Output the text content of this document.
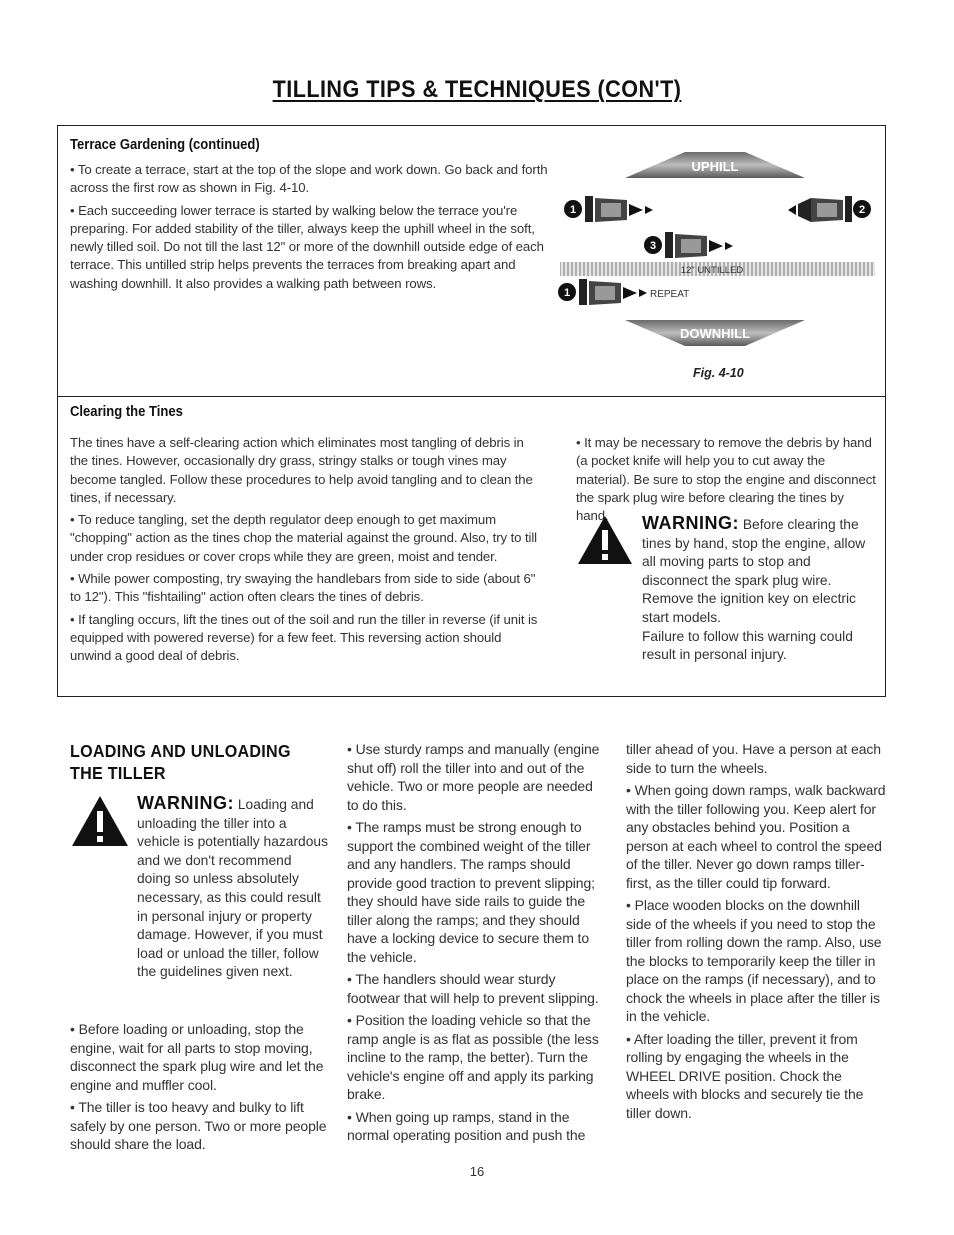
TILLING TIPS & TECHNIQUES (CON'T)
Terrace Gardening (continued)

• To create a terrace, start at the top of the slope and work down. Go back and forth across the first row as shown in Fig. 4-10.

• Each succeeding lower terrace is started by walking below the terrace you're preparing. For added stability of the tiller, always keep the uphill wheel in the soft, newly tilled soil. Do not till the last 12" or more of the downhill outside edge of each terrace. This untilled strip helps prevents the terraces from breaking apart and washing downhill. It also provides a walking path between rows.

UPHILL
1	2
3
12" UNTILLED
1	REPEAT
DOWNHILL
Fig. 4-10
Clearing the Tines

The tines have a self-clearing action which eliminates most tangling of debris in the tines. However, occasionally dry grass, stringy stalks or tough vines may become tangled. Follow these procedures to help avoid tangling and to clean the tines, if necessary.

• To reduce tangling, set the depth regulator deep enough to get maximum "chopping" action as the tines chop the material against the ground. Also, try to till under crop residues or cover crops while they are green, moist and tender.

• While power composting, try swaying the handlebars from side to side (about 6" to 12"). This "fishtailing" action often clears the tines of debris.

• If tangling occurs, lift the tines out of the soil and run the tiller in reverse (if unit is equipped with powered reverse) for a few feet. This reversing action should unwind a good deal of debris.

• It may be necessary to remove the debris by hand (a pocket knife will help you to cut away the material). Be sure to stop the engine and disconnect the spark plug wire before clearing the tines by hand.	WARNING: Before clearing the tines by hand, stop the engine, allow all moving parts to stop and disconnect the spark plug wire.
Remove the ignition key on electric start models.
Failure to follow this warning could result in personal injury.
LOADING AND UNLOADING
THE TILLER
WARNING: Loading and unloading the tiller into a vehicle is potentially hazardous and we don't recommend doing so unless absolutely necessary, as this could result in personal injury or property damage. However, if you must load or unload the tiller, follow the guidelines given next.

• Before loading or unloading, stop the engine, wait for all parts to stop moving, disconnect the spark plug wire and let the engine and muffler cool.

• The tiller is too heavy and bulky to lift safely by one person. Two or more people should share the load.

• Use sturdy ramps and manually (engine shut off) roll the tiller into and out of the vehicle. Two or more people are needed to do this.

• The ramps must be strong enough to support the combined weight of the tiller and any handlers. The ramps should provide good traction to prevent slipping; they should have side rails to guide the tiller along the ramps; and they should have a locking device to secure them to the vehicle.

• The handlers should wear sturdy footwear that will help to prevent slipping.

• Position the loading vehicle so that the ramp angle is as flat as possible (the less incline to the ramp, the better). Turn the vehicle's engine off and apply its parking brake.

• When going up ramps, stand in the normal operating position and push the

tiller ahead of you. Have a person at each side to turn the wheels.

• When going down ramps, walk backward with the tiller following you. Keep alert for any obstacles behind you. Position a person at each wheel to control the speed of the tiller. Never go down ramps tiller-first, as the tiller could tip forward.

• Place wooden blocks on the downhill side of the wheels if you need to stop the tiller from rolling down the ramp. Also, use the blocks to temporarily keep the tiller in place on the ramps (if necessary), and to chock the wheels in place after the tiller is in the vehicle.

• After loading the tiller, prevent it from rolling by engaging the wheels in the WHEEL DRIVE position. Chock the wheels with blocks and securely tie the tiller down.

16
